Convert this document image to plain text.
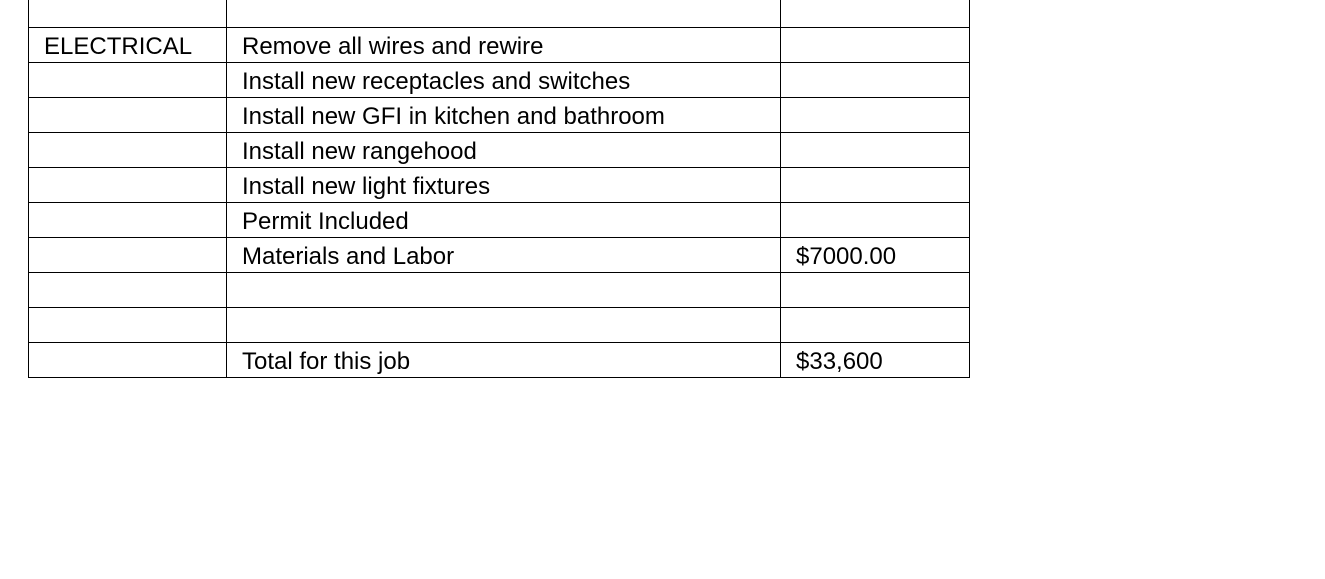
ELECTRICAL	Remove all wires and rewire	
	Install new receptacles and switches	
	Install new GFI in kitchen and bathroom	
	Install new rangehood	
	Install new light fixtures	
	Permit Included	
	Materials and Labor	$7000.00

	Total for this job	$33,600
